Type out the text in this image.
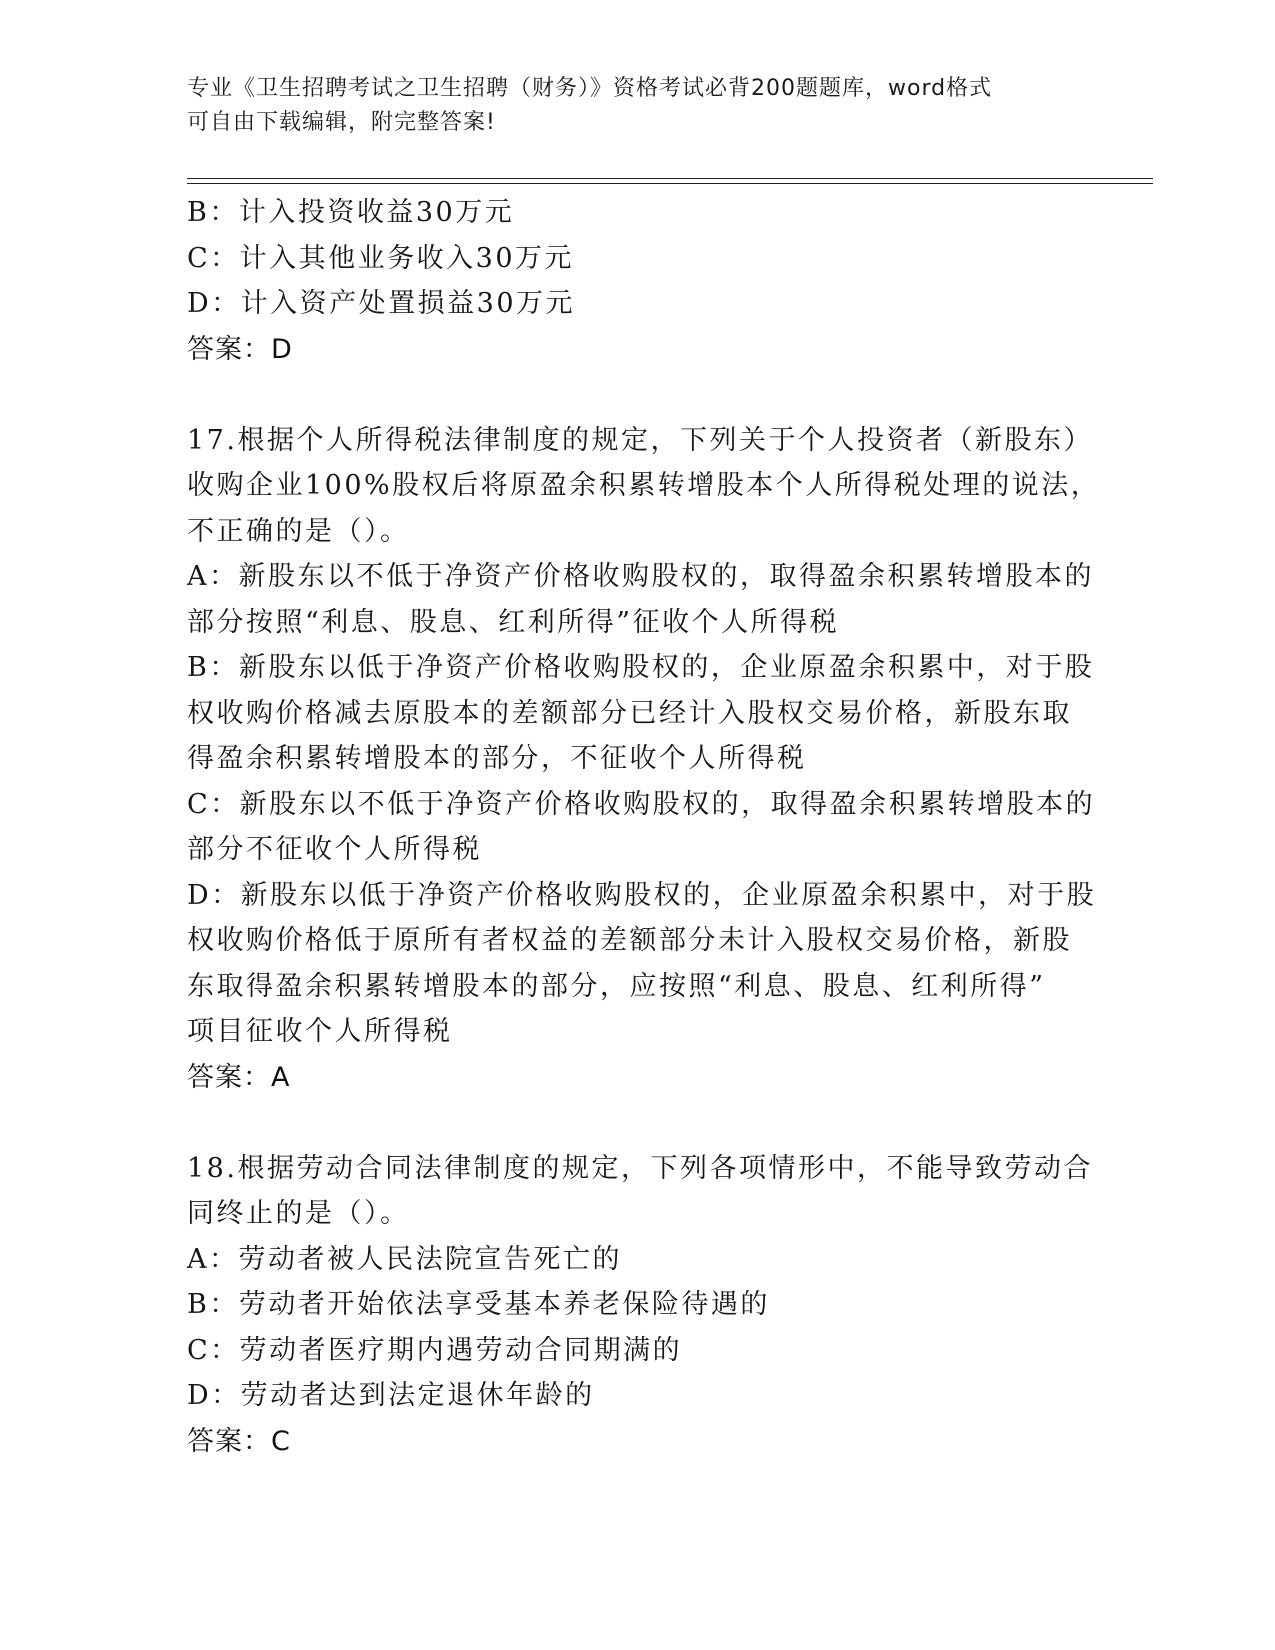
专业《卫生招聘考试之卫生招聘（财务）》资格考试必背200题题库，word格式
可自由下载编辑，附完整答案!
B：计入投资收益30万元
C：计入其他业务收入30万元
D：计入资产处置损益30万元
答案：D
17.根据个人所得税法律制度的规定，下列关于个人投资者（新股东）
收购企业100%股权后将原盈余积累转增股本个人所得税处理的说法，
不正确的是（）。
A：新股东以不低于净资产价格收购股权的，取得盈余积累转增股本的
部分按照“利息、股息、红利所得”征收个人所得税
B：新股东以低于净资产价格收购股权的，企业原盈余积累中，对于股
权收购价格减去原股本的差额部分已经计入股权交易价格，新股东取
得盈余积累转增股本的部分，不征收个人所得税
C：新股东以不低于净资产价格收购股权的，取得盈余积累转增股本的
部分不征收个人所得税
D：新股东以低于净资产价格收购股权的，企业原盈余积累中，对于股
权收购价格低于原所有者权益的差额部分未计入股权交易价格，新股
东取得盈余积累转增股本的部分，应按照“利息、股息、红利所得”
项目征收个人所得税
答案：A
18.根据劳动合同法律制度的规定，下列各项情形中，不能导致劳动合
同终止的是（）。
A：劳动者被人民法院宣告死亡的
B：劳动者开始依法享受基本养老保险待遇的
C：劳动者医疗期内遇劳动合同期满的
D：劳动者达到法定退休年龄的
答案：C
